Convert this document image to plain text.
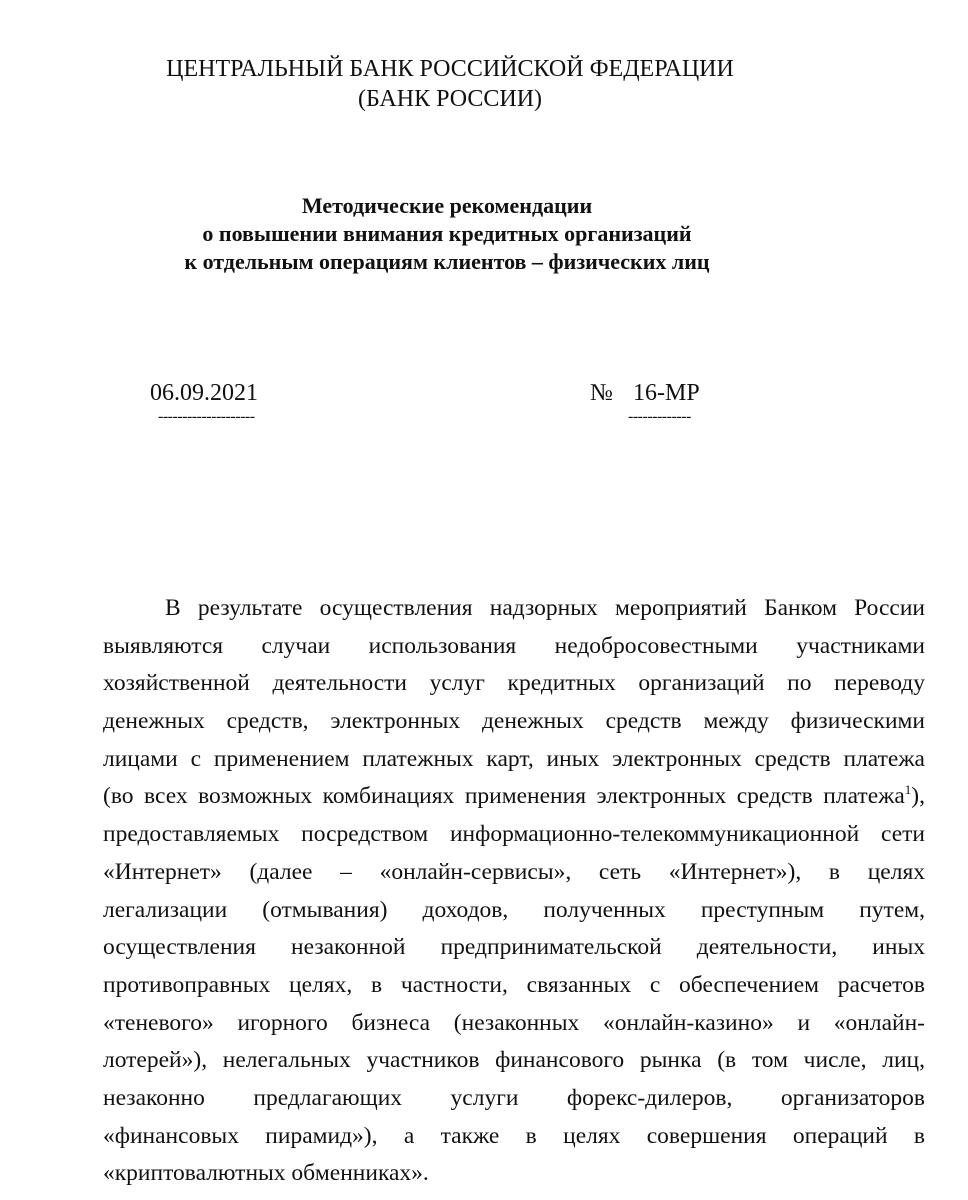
ЦЕНТРАЛЬНЫЙ БАНК РОССИЙСКОЙ ФЕДЕРАЦИИ
(БАНК РОССИИ)
Методические рекомендации
о повышении внимания кредитных организаций
к отдельным операциям клиентов – физических лиц
06.09.2021
--------------------
№ 16-МР
-------------
В результате осуществления надзорных мероприятий Банком России
выявляются случаи использования недобросовестными участниками
хозяйственной деятельности услуг кредитных организаций по переводу
денежных средств, электронных денежных средств между физическими
лицами с применением платежных карт, иных электронных средств платежа
(во всех возможных комбинациях применения электронных средств платежа$^1$),
предоставляемых посредством информационно-телекоммуникационной сети
«Интернет» (далее – «онлайн-сервисы», сеть «Интернет»), в целях
легализации (отмывания) доходов, полученных преступным путем,
осуществления незаконной предпринимательской деятельности, иных
противоправных целях, в частности, связанных с обеспечением расчетов
«теневого» игорного бизнеса (незаконных «онлайн-казино» и «онлайн-
лотерей»), нелегальных участников финансового рынка (в том числе, лиц,
незаконно предлагающих услуги форекс-дилеров, организаторов
«финансовых пирамид»), а также в целях совершения операций в
«криптовалютных обменниках».
